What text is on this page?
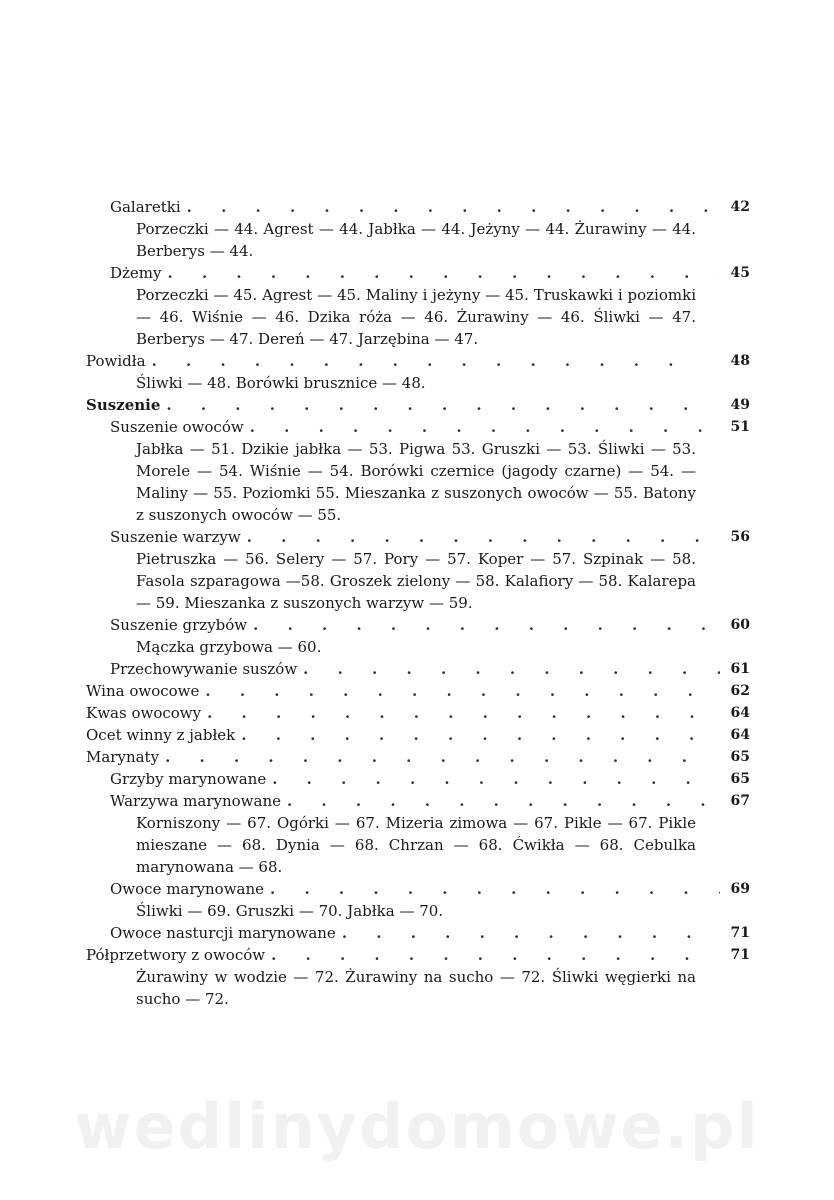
Galaretki . . .	42
Porzeczki — 44. Agrest — 44. Jabłka — 44. Jeżyny — 44. Żurawiny — 44. Berberys — 44.
Dżemy . . .	45
Porzeczki — 45. Agrest — 45. Maliny i jeżyny — 45. Truskawki i poziomki — 46. Wiśnie — 46. Dzika róża — 46. Żurawiny — 46. Śliwki — 47. Berberys — 47. Dereń — 47. Jarzębina — 47.
Powidła . . .	48
Śliwki — 48. Borówki brusznice — 48.
Suszenie . . .	49
Suszenie owoców . . .	51
Jabłka — 51. Dzikie jabłka — 53. Pigwa 53. Gruszki — 53. Śliwki — 53. Morele — 54. Wiśnie — 54. Borówki czernice (jagody czarne) — 54. — Maliny — 55. Poziomki 55. Mieszanka z suszonych owoców — 55. Batony z suszonych owoców — 55.
Suszenie warzyw . . .	56
Pietruszka — 56. Selery — 57. Pory — 57. Koper — 57. Szpinak — 58. Fasola szparagowa —58. Groszek zielony — 58. Kalafiory — 58. Kalarepa — 59. Mieszanka z suszonych warzyw — 59.
Suszenie grzybów . . .	60
Mączka grzybowa — 60.
Przechowywanie suszów . . .	61
Wina owocowe . . .	62
Kwas owocowy . . .	64
Ocet winny z jabłek . . .	64
Marynaty . . .	65
Grzyby marynowane . . .	65
Warzywa marynowane . . .	67
Korniszony — 67. Ogórki — 67. Mizeria zimowa — 67. Pikle — 67. Pikle mieszane — 68. Dynia — 68. Chrzan — 68. Ćwikła — 68. Cebulka marynowana — 68.
Owoce marynowane . . .	69
Śliwki — 69. Gruszki — 70. Jabłka — 70.
Owoce nasturcji marynowane . . .	71
Półprzetwory z owoców . . .	71
Żurawiny w wodzie — 72. Żurawiny na sucho — 72. Śliwki węgierki na sucho — 72.
wedlinydomowe.pl
